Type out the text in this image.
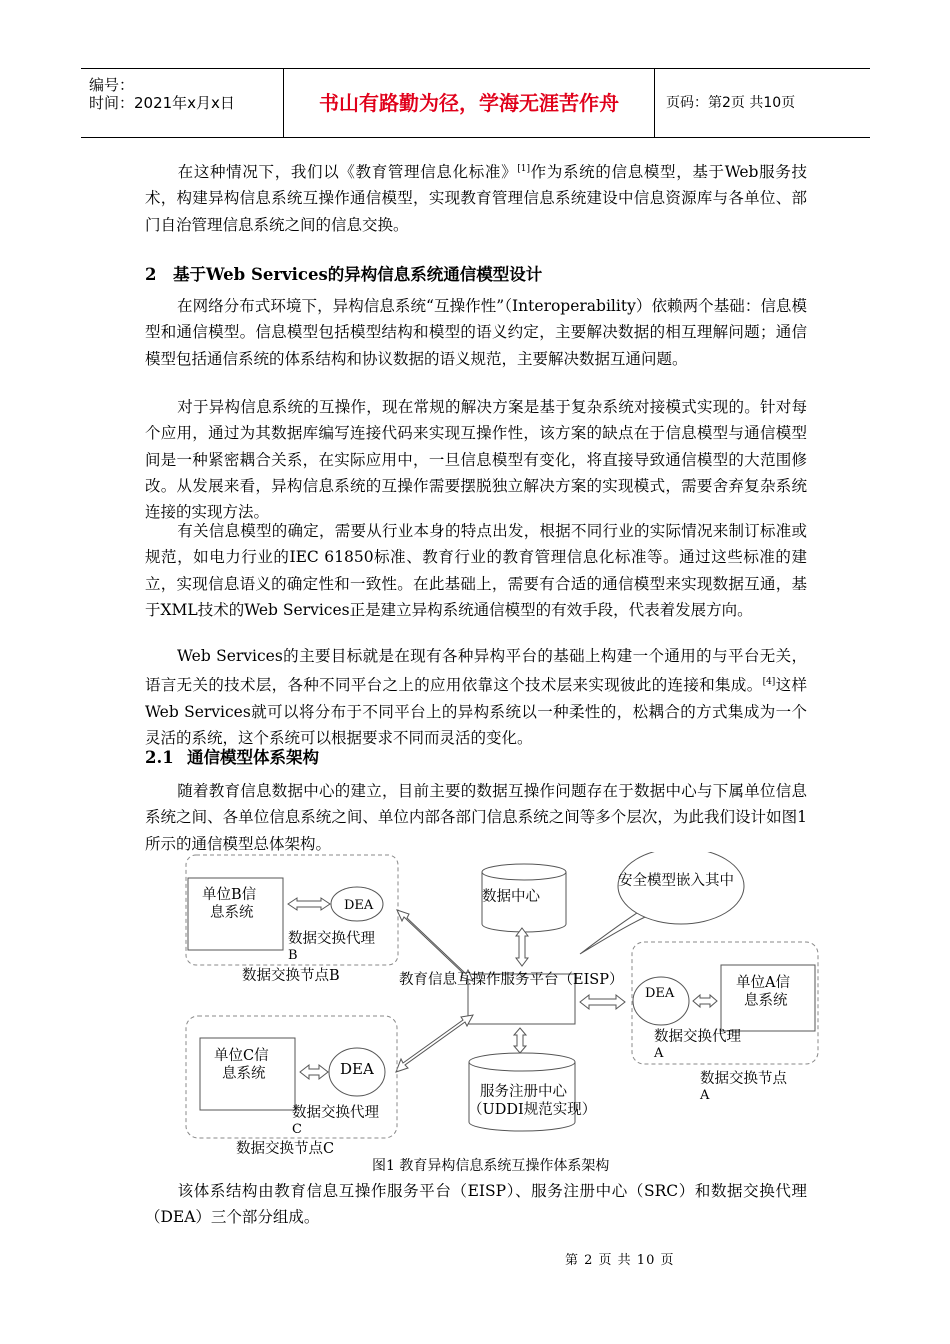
编号：
时间：2021年x月x日	书山有路勤为径，学海无涯苦作舟	页码：第2页 共10页

在这种情况下，我们以《教育管理信息化标准》[1]作为系统的信息模型，基于Web服务技术，构建异构信息系统互操作通信模型，实现教育管理信息系统建设中信息资源库与各单位、部门自治管理信息系统之间的信息交换。

2 基于Web Services的异构信息系统通信模型设计

在网络分布式环境下，异构信息系统“互操作性”（Interoperability）依赖两个基础：信息模型和通信模型。信息模型包括模型结构和模型的语义约定，主要解决数据的相互理解问题；通信模型包括通信系统的体系结构和协议数据的语义规范，主要解决数据互通问题。

对于异构信息系统的互操作，现在常规的解决方案是基于复杂系统对接模式实现的。针对每个应用，通过为其数据库编写连接代码来实现互操作性，该方案的缺点在于信息模型与通信模型间是一种紧密耦合关系，在实际应用中，一旦信息模型有变化，将直接导致通信模型的大范围修改。从发展来看，异构信息系统的互操作需要摆脱独立解决方案的实现模式，需要舍弃复杂系统连接的实现方法。

有关信息模型的确定，需要从行业本身的特点出发，根据不同行业的实际情况来制订标准或规范，如电力行业的IEC 61850标准、教育行业的教育管理信息化标准等。通过这些标准的建立，实现信息语义的确定性和一致性。在此基础上，需要有合适的通信模型来实现数据互通，基于XML技术的Web Services正是建立异构系统通信模型的有效手段，代表着发展方向。

Web Services的主要目标就是在现有各种异构平台的基础上构建一个通用的与平台无关，语言无关的技术层，各种不同平台之上的应用依靠这个技术层来实现彼此的连接和集成。[4]这样Web Services就可以将分布于不同平台上的异构系统以一种柔性的，松耦合的方式集成为一个灵活的系统，这个系统可以根据要求不同而灵活的变化。

2.1 通信模型体系架构

随着教育信息数据中心的建立，目前主要的数据互操作问题存在于数据中心与下属单位信息系统之间、各单位信息系统之间、单位内部各部门信息系统之间等多个层次，为此我们设计如图1所示的通信模型总体架构。

单位B信
息系统	DEA
数据交换代理
B
数据交换节点B
数据中心
安全模型嵌入其中
教育信息互操作服务平台（EISP）
DEA
单位A信
息系统
数据交换代理
A
数据交换节点
A
单位C信
息系统	DEA
数据交换代理
C
数据交换节点C
服务注册中心
（UDDI规范实现）
图1 教育异构信息系统互操作体系架构

该体系结构由教育信息互操作服务平台（EISP）、服务注册中心（SRC）和数据交换代理（DEA）三个部分组成。

第 2 页 共 10 页
